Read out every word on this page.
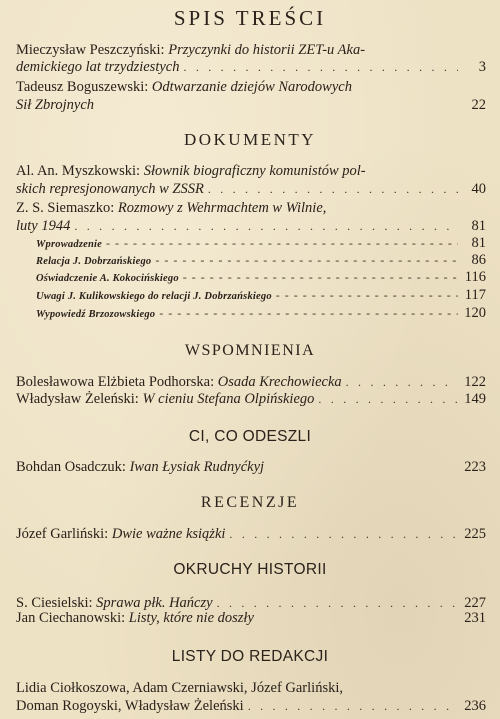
SPIS TREŚCI
Mieczysław Peszczyński:
Przyczynki do historii ZET-u Aka-
demickiego lat trzydziestych . . .	3
Tadeusz Boguszewski:
Odtwarzanie dziejów Narodowych
Sił Zbrojnych	22
DOKUMENTY
Al. An. Myszkowski:
Słownik biograficzny komunistów pol-
skich represjonowanych w ZSSR . . .	40
Z. S. Siemaszko:
Rozmowy z Wehrmachtem w Wilnie,
luty 1944 . . .	81
Wprowadzenie - - -	81
Relacja J. Dobrzańskiego - - -	86
Oświadczenie A. Kokocińskiego - - -	116
Uwagi J. Kulikowskiego do relacji J. Dobrzańskiego - - -	117
Wypowiedź Brzozowskiego - - -	120
WSPOMNIENIA
Bolesławowa Elżbieta Podhorska:
Osada Krechowiecka . . .	122
Władysław Żeleński:
W cieniu Stefana Olpińskiego . . .	149
CI, CO ODESZLI
Bohdan Osadczuk:
Iwan Łysiak Rudnyćkyj	223
RECENZJE
Józef Garliński:
Dwie ważne książki . . .	225
OKRUCHY HISTORII
S. Ciesielski:
Sprawa płk. Hańczy . . .	227
Jan Ciechanowski:
Listy, które nie doszły	231
LISTY DO REDAKCJI
Lidia Ciołkoszowa, Adam Czerniawski, Józef Garliński,
Doman Rogoyski, Władysław Żeleński . . .	236
